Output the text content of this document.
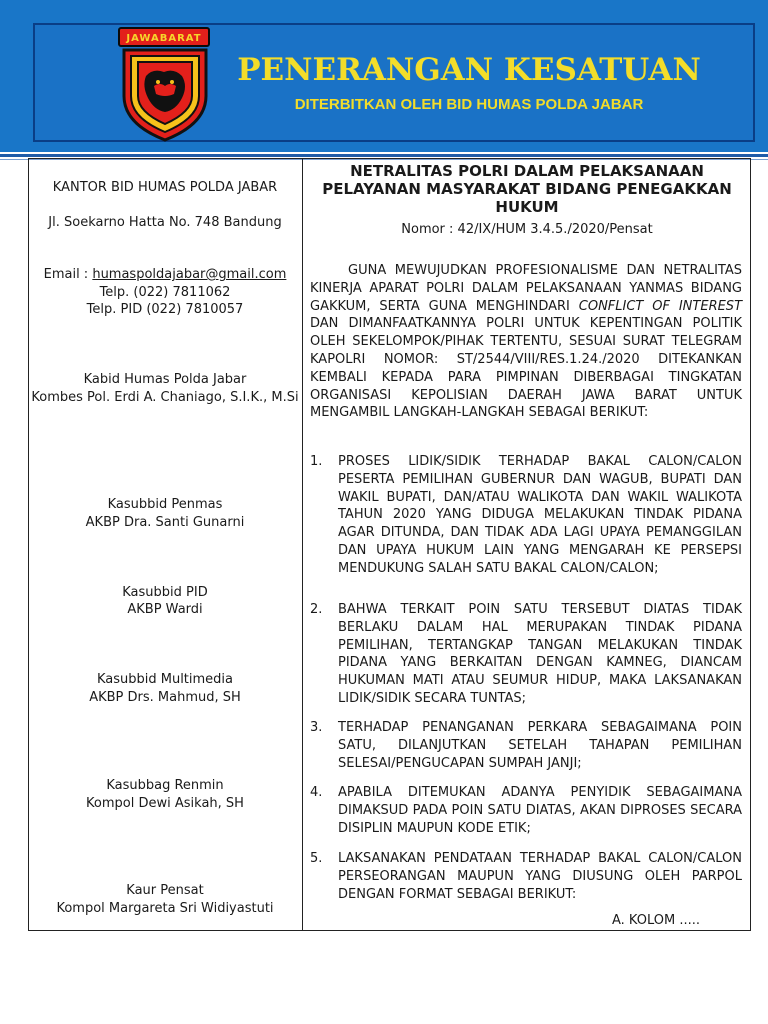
JAWABARAT
PENERANGAN KESATUAN
DITERBITKAN OLEH BID HUMAS POLDA JABAR
KANTOR BID HUMAS POLDA JABAR
Jl. Soekarno Hatta No. 748 Bandung
Email : humaspoldajabar@gmail.com
Telp. (022) 7811062
Telp. PID (022) 7810057
Kabid Humas Polda Jabar
Kombes Pol. Erdi A. Chaniago, S.I.K., M.Si
Kasubbid Penmas
AKBP Dra. Santi Gunarni
Kasubbid PID
AKBP Wardi
Kasubbid Multimedia
AKBP Drs. Mahmud, SH
Kasubbag Renmin
Kompol Dewi Asikah, SH
Kaur Pensat
Kompol Margareta Sri Widiyastuti
NETRALITAS POLRI DALAM PELAKSANAAN PELAYANAN MASYARAKAT BIDANG PENEGAKKAN HUKUM
Nomor : 42/IX/HUM 3.4.5./2020/Pensat
GUNA MEWUJUDKAN PROFESIONALISME DAN NETRALITAS KINERJA APARAT POLRI DALAM PELAKSANAAN YANMAS BIDANG GAKKUM, SERTA GUNA MENGHINDARI CONFLICT OF INTEREST DAN DIMANFAATKANNYA POLRI UNTUK KEPENTINGAN POLITIK OLEH SEKELOMPOK/PIHAK TERTENTU, SESUAI SURAT TELEGRAM KAPOLRI NOMOR: ST/2544/VIII/RES.1.24./2020 DITEKANKAN KEMBALI KEPADA PARA PIMPINAN DIBERBAGAI TINGKATAN ORGANISASI KEPOLISIAN DAERAH JAWA BARAT UNTUK MENGAMBIL LANGKAH-LANGKAH SEBAGAI BERIKUT:
1.	PROSES LIDIK/SIDIK TERHADAP BAKAL CALON/CALON PESERTA PEMILIHAN GUBERNUR DAN WAGUB, BUPATI DAN WAKIL BUPATI, DAN/ATAU WALIKOTA DAN WAKIL WALIKOTA TAHUN 2020 YANG DIDUGA MELAKUKAN TINDAK PIDANA AGAR DITUNDA, DAN TIDAK ADA LAGI UPAYA PEMANGGILAN DAN UPAYA HUKUM LAIN YANG MENGARAH KE PERSEPSI MENDUKUNG SALAH SATU BAKAL CALON/CALON;
2.	BAHWA TERKAIT POIN SATU TERSEBUT DIATAS TIDAK BERLAKU DALAM HAL MERUPAKAN TINDAK PIDANA PEMILIHAN, TERTANGKAP TANGAN MELAKUKAN TINDAK PIDANA YANG BERKAITAN DENGAN KAMNEG, DIANCAM HUKUMAN MATI ATAU SEUMUR HIDUP, MAKA LAKSANAKAN LIDIK/SIDIK SECARA TUNTAS;
3.	TERHADAP PENANGANAN PERKARA SEBAGAIMANA POIN SATU, DILANJUTKAN SETELAH TAHAPAN PEMILIHAN SELESAI/PENGUCAPAN SUMPAH JANJI;
4.	APABILA DITEMUKAN ADANYA PENYIDIK SEBAGAIMANA DIMAKSUD PADA POIN SATU DIATAS, AKAN DIPROSES SECARA DISIPLIN MAUPUN KODE ETIK;
5.	LAKSANAKAN PENDATAAN TERHADAP BAKAL CALON/CALON PERSEORANGAN MAUPUN YANG DIUSUNG OLEH PARPOL DENGAN FORMAT SEBAGAI BERIKUT:
A. KOLOM .....
